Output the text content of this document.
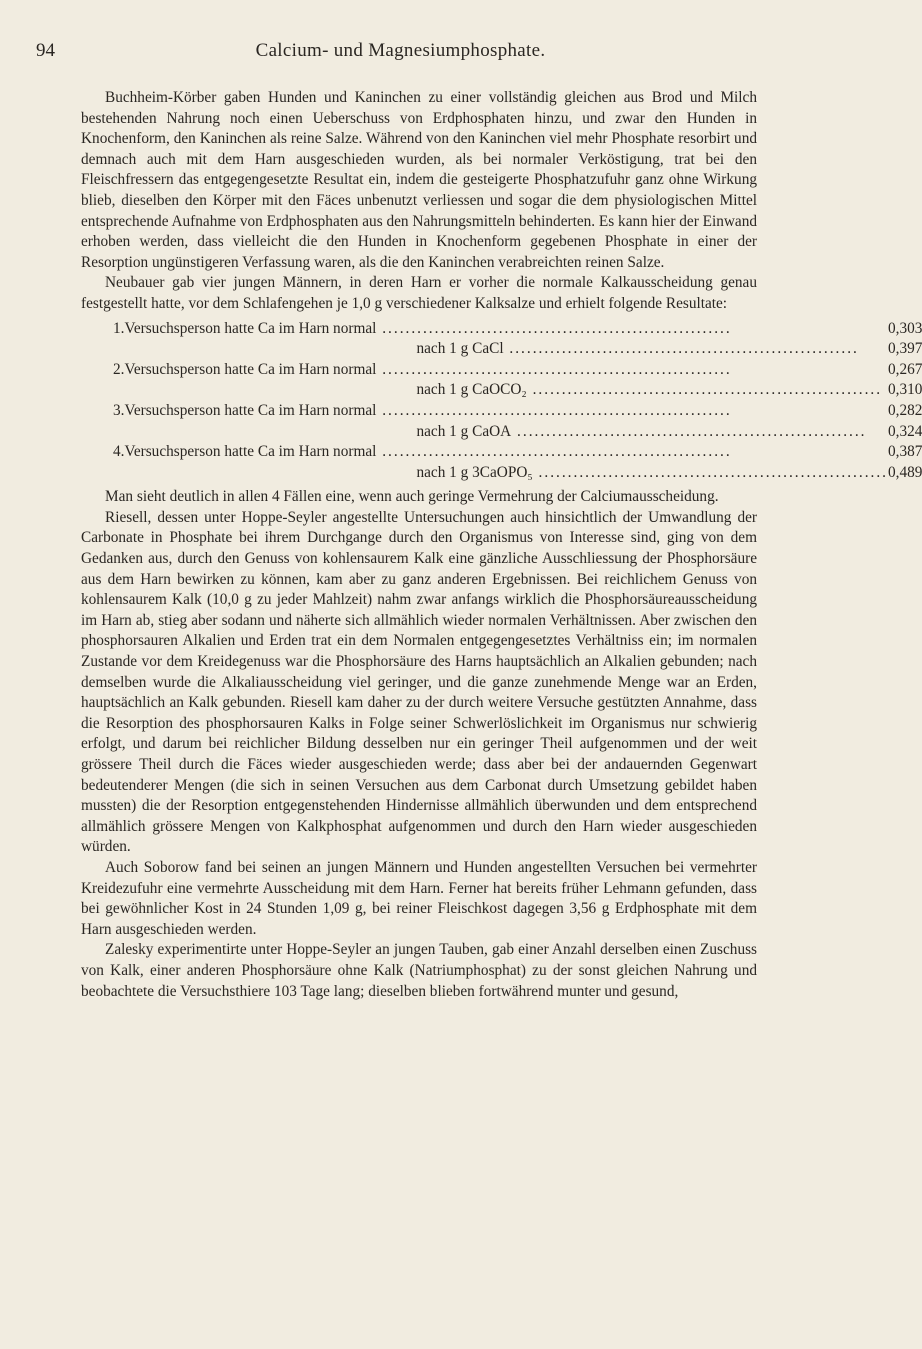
94	Calcium- und Magnesiumphosphate.

Buchheim-Körber gaben Hunden und Kaninchen zu einer vollständig gleichen aus Brod und Milch bestehenden Nahrung noch einen Ueberschuss von Erdphosphaten hinzu, und zwar den Hunden in Knochenform, den Kaninchen als reine Salze. Während von den Kaninchen viel mehr Phosphate resorbirt und demnach auch mit dem Harn ausgeschieden wurden, als bei normaler Verköstigung, trat bei den Fleischfressern das entgegengesetzte Resultat ein, indem die gesteigerte Phosphatzufuhr ganz ohne Wirkung blieb, dieselben den Körper mit den Fäces unbenutzt verliessen und sogar die dem physiologischen Mittel entsprechende Aufnahme von Erdphosphaten aus den Nahrungsmitteln behinderten. Es kann hier der Einwand erhoben werden, dass vielleicht die den Hunden in Knochenform gegebenen Phosphate in einer der Resorption ungünstigeren Verfassung waren, als die den Kaninchen verabreichten reinen Salze.

Neubauer gab vier jungen Männern, in deren Harn er vorher die normale Kalkausscheidung genau festgestellt hatte, vor dem Schlafengehen je 1,0 g verschiedener Kalksalze und erhielt folgende Resultate:

1.	Versuchsperson hatte Ca im Harn normal ............................................................	0,303
	nach 1 g CaCl ............................................................	0,397
2.	Versuchsperson hatte Ca im Harn normal ............................................................	0,267
	nach 1 g CaOCO₂ ............................................................	0,310
3.	Versuchsperson hatte Ca im Harn normal ............................................................	0,282
	nach 1 g CaOA ............................................................	0,324
4.	Versuchsperson hatte Ca im Harn normal ............................................................	0,387
	nach 1 g 3CaOPO₅ ............................................................	0,489

Man sieht deutlich in allen 4 Fällen eine, wenn auch geringe Vermehrung der Calciumausscheidung.

Riesell, dessen unter Hoppe-Seyler angestellte Untersuchungen auch hinsichtlich der Umwandlung der Carbonate in Phosphate bei ihrem Durchgange durch den Organismus von Interesse sind, ging von dem Gedanken aus, durch den Genuss von kohlensaurem Kalk eine gänzliche Ausschliessung der Phosphorsäure aus dem Harn bewirken zu können, kam aber zu ganz anderen Ergebnissen. Bei reichlichem Genuss von kohlensaurem Kalk (10,0 g zu jeder Mahlzeit) nahm zwar anfangs wirklich die Phosphorsäureausscheidung im Harn ab, stieg aber sodann und näherte sich allmählich wieder normalen Verhältnissen. Aber zwischen den phosphorsauren Alkalien und Erden trat ein dem Normalen entgegengesetztes Verhältniss ein; im normalen Zustande vor dem Kreidegenuss war die Phosphorsäure des Harns hauptsächlich an Alkalien gebunden; nach demselben wurde die Alkaliausscheidung viel geringer, und die ganze zunehmende Menge war an Erden, hauptsächlich an Kalk gebunden. Riesell kam daher zu der durch weitere Versuche gestützten Annahme, dass die Resorption des phosphorsauren Kalks in Folge seiner Schwerlöslichkeit im Organismus nur schwierig erfolgt, und darum bei reichlicher Bildung desselben nur ein geringer Theil aufgenommen und der weit grössere Theil durch die Fäces wieder ausgeschieden werde; dass aber bei der andauernden Gegenwart bedeutenderer Mengen (die sich in seinen Versuchen aus dem Carbonat durch Umsetzung gebildet haben mussten) die der Resorption entgegenstehenden Hindernisse allmählich überwunden und dem entsprechend allmählich grössere Mengen von Kalkphosphat aufgenommen und durch den Harn wieder ausgeschieden würden.

Auch Soborow fand bei seinen an jungen Männern und Hunden angestellten Versuchen bei vermehrter Kreidezufuhr eine vermehrte Ausscheidung mit dem Harn. Ferner hat bereits früher Lehmann gefunden, dass bei gewöhnlicher Kost in 24 Stunden 1,09 g, bei reiner Fleischkost dagegen 3,56 g Erdphosphate mit dem Harn ausgeschieden werden.

Zalesky experimentirte unter Hoppe-Seyler an jungen Tauben, gab einer Anzahl derselben einen Zuschuss von Kalk, einer anderen Phosphorsäure ohne Kalk (Natriumphosphat) zu der sonst gleichen Nahrung und beobachtete die Versuchsthiere 103 Tage lang; dieselben blieben fortwährend munter und gesund,
